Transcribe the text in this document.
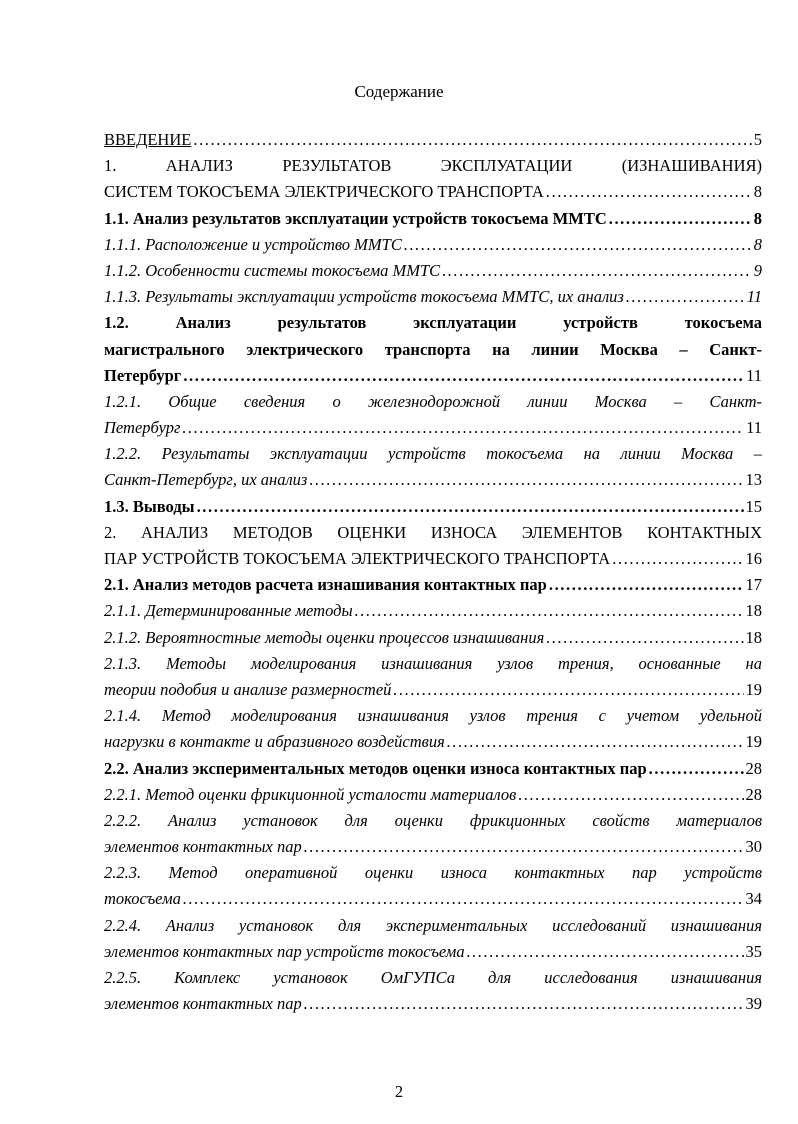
Содержание
ВВЕДЕНИЕ .....	5
1. АНАЛИЗ РЕЗУЛЬТАТОВ ЭКСПЛУАТАЦИИ (ИЗНАШИВАНИЯ)
СИСТЕМ ТОКОСЪЕМА ЭЛЕКТРИЧЕСКОГО ТРАНСПОРТА .....	8
1.1. Анализ результатов эксплуатации устройств токосъема ММТС .....	8
1.1.1. Расположение и устройство ММТС .....	8
1.1.2. Особенности системы токосъема ММТС .....	9
1.1.3. Результаты эксплуатации устройств токосъема ММТС, их анализ .....	11
1.2. Анализ результатов эксплуатации устройств токосъема
магистрального электрического транспорта на линии Москва – Санкт-
Петербург .....	11
1.2.1. Общие сведения о железнодорожной линии Москва – Санкт-
Петербург .....	11
1.2.2. Результаты эксплуатации устройств токосъема на линии Москва –
Санкт-Петербург, их анализ .....	13
1.3. Выводы .....	15
2. АНАЛИЗ МЕТОДОВ ОЦЕНКИ ИЗНОСА ЭЛЕМЕНТОВ КОНТАКТНЫХ
ПАР УСТРОЙСТВ ТОКОСЪЕМА ЭЛЕКТРИЧЕСКОГО ТРАНСПОРТА .....	16
2.1. Анализ методов расчета изнашивания контактных пар .....	17
2.1.1. Детерминированные методы .....	18
2.1.2. Вероятностные методы оценки процессов изнашивания .....	18
2.1.3. Методы моделирования изнашивания узлов трения, основанные на
теории подобия и анализе размерностей .....	19
2.1.4. Метод моделирования изнашивания узлов трения с учетом удельной
нагрузки в контакте и абразивного воздействия .....	19
2.2. Анализ экспериментальных методов оценки износа контактных пар .....	28
2.2.1. Метод оценки фрикционной усталости материалов .....	28
2.2.2. Анализ установок для оценки фрикционных свойств материалов
элементов контактных пар .....	30
2.2.3. Метод оперативной оценки износа контактных пар устройств
токосъема .....	34
2.2.4. Анализ установок для экспериментальных исследований изнашивания
элементов контактных пар устройств токосъема .....	35
2.2.5. Комплекс установок ОмГУПСа для исследования изнашивания
элементов контактных пар .....	39
2
